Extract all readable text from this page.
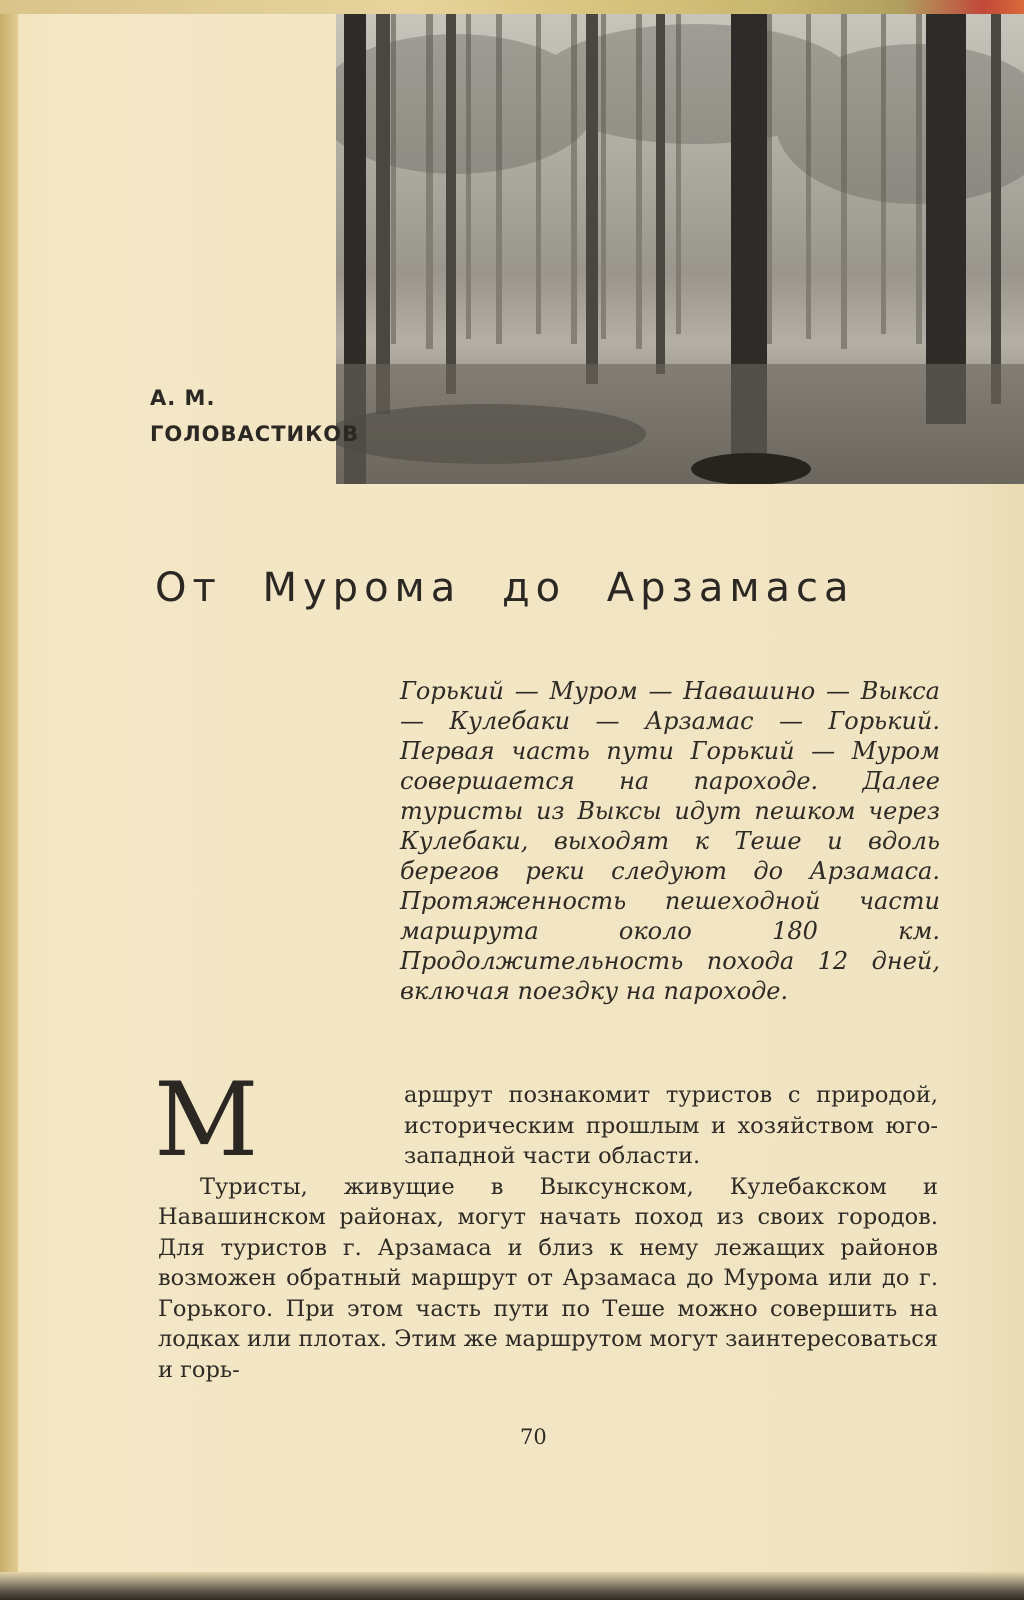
А. М.
ГОЛОВАСТИКОВ
От Мурома до Арзамаса

Горький — Муром — Навашино — Выкса — Кулебаки — Арзамас — Горький. Первая часть пути Горький — Муром совершается на пароходе. Далее туристы из Выксы идут пешком через Кулебаки, выходят к Теше и вдоль берегов реки следуют до Арзамаса. Протяженность пешеходной части маршрута около 180 км. Продолжительность похода 12 дней, включая поездку на пароходе.

М	аршрут познакомит туристов с природой, историческим прошлым и хозяйством юго-западной части области.

Туристы, живущие в Выксунском, Кулебакском и Навашинском районах, могут начать поход из своих городов. Для туристов г. Арзамаса и близ к нему лежащих районов возможен обратный маршрут от Арзамаса до Мурома или до г. Горького. При этом часть пути по Теше можно совершить на лодках или плотах. Этим же маршрутом могут заинтересоваться и горь-

70
